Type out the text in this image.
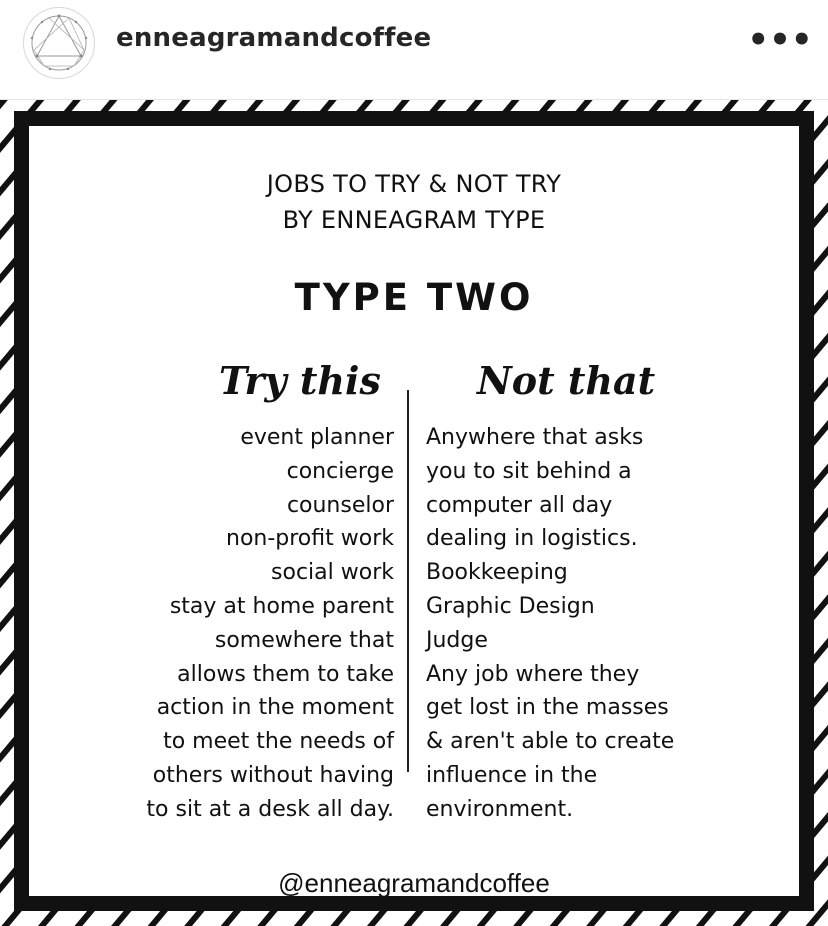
enneagramandcoffee	•••
JOBS TO TRY & NOT TRY
BY ENNEAGRAM TYPE
TYPE TWO
Try this	Not that
event planner
concierge
counselor
non-profit work
social work
stay at home parent
somewhere that
allows them to take
action in the moment
to meet the needs of
others without having
to sit at a desk all day.
Anywhere that asks
you to sit behind a
computer all day
dealing in logistics.
Bookkeeping
Graphic Design
Judge
Any job where they
get lost in the masses
& aren't able to create
influence in the
environment.
@enneagramandcoffee
